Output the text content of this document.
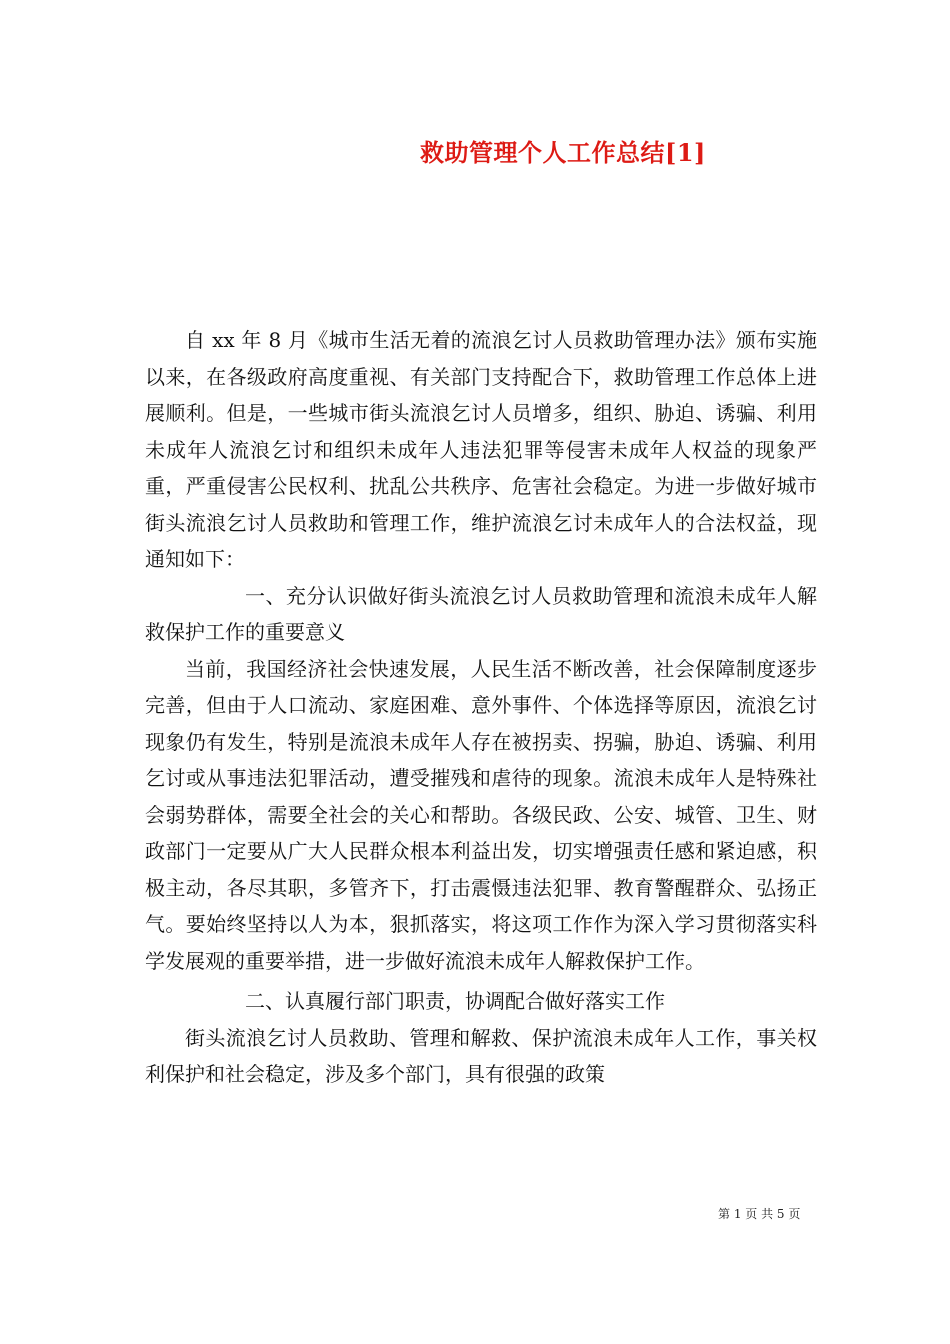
救助管理个人工作总结[1]

自 xx 年 8 月《城市生活无着的流浪乞讨人员救助管理办法》颁布实施以来，在各级政府高度重视、有关部门支持配合下，救助管理工作总体上进展顺利。但是，一些城市街头流浪乞讨人员增多，组织、胁迫、诱骗、利用未成年人流浪乞讨和组织未成年人违法犯罪等侵害未成年人权益的现象严重，严重侵害公民权利、扰乱公共秩序、危害社会稳定。为进一步做好城市街头流浪乞讨人员救助和管理工作，维护流浪乞讨未成年人的合法权益，现通知如下：

一、充分认识做好街头流浪乞讨人员救助管理和流浪未成年人解救保护工作的重要意义

当前，我国经济社会快速发展，人民生活不断改善，社会保障制度逐步完善，但由于人口流动、家庭困难、意外事件、个体选择等原因，流浪乞讨现象仍有发生，特别是流浪未成年人存在被拐卖、拐骗，胁迫、诱骗、利用乞讨或从事违法犯罪活动，遭受摧残和虐待的现象。流浪未成年人是特殊社会弱势群体，需要全社会的关心和帮助。各级民政、公安、城管、卫生、财政部门一定要从广大人民群众根本利益出发，切实增强责任感和紧迫感，积极主动，各尽其职，多管齐下，打击震慑违法犯罪、教育警醒群众、弘扬正气。要始终坚持以人为本，狠抓落实，将这项工作作为深入学习贯彻落实科学发展观的重要举措，进一步做好流浪未成年人解救保护工作。

二、认真履行部门职责，协调配合做好落实工作

街头流浪乞讨人员救助、管理和解救、保护流浪未成年人工作，事关权利保护和社会稳定，涉及多个部门，具有很强的政策

第 1 页 共 5 页
